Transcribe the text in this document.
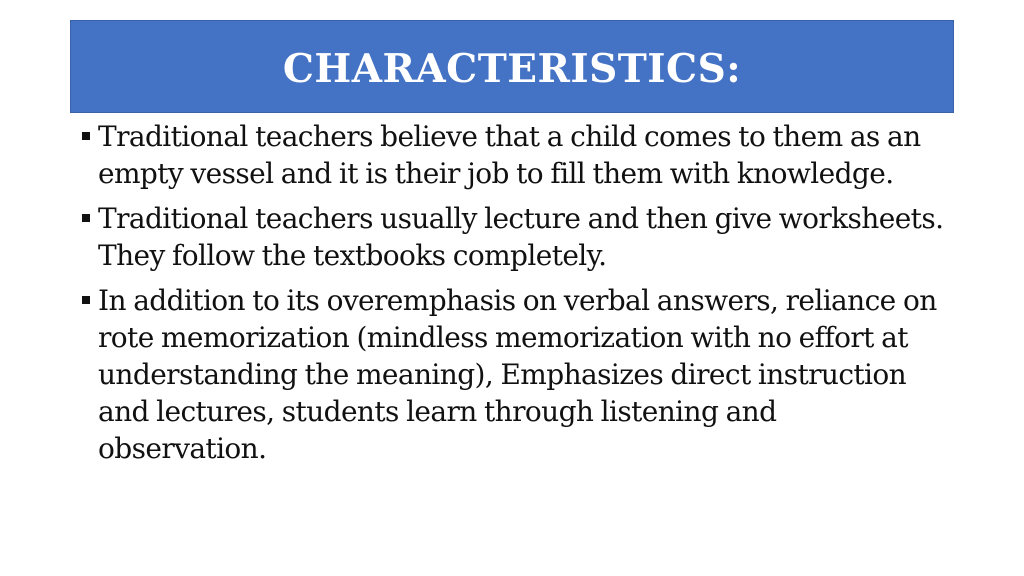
CHARACTERISTICS:
Traditional teachers believe that a child comes to them as an empty vessel and it is their job to fill them with knowledge.
Traditional teachers usually lecture and then give worksheets. They follow the textbooks completely.
In addition to its overemphasis on verbal answers, reliance on rote memorization (mindless memorization with no effort at understanding the meaning), Emphasizes direct instruction and lectures, students learn through listening and observation.
